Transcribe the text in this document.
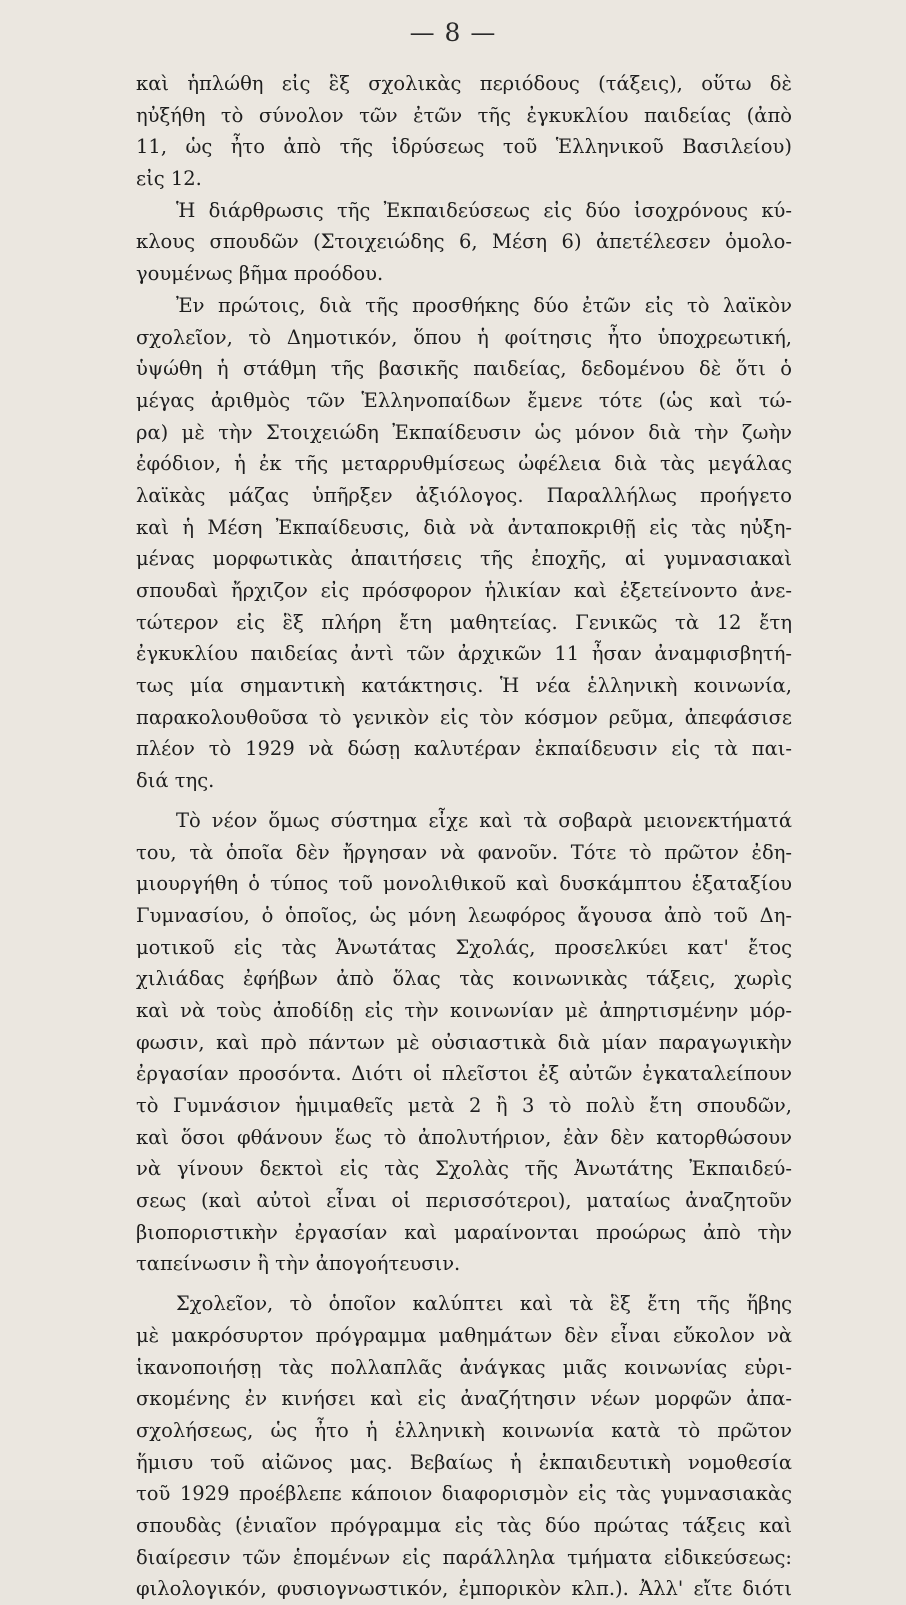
— 8 —
καὶ ἡπλώθη εἰς ἓξ σχολικὰς περιόδους (τάξεις), οὕτω δὲ
ηὐξήθη τὸ σύνολον τῶν ἐτῶν τῆς ἐγκυκλίου παιδείας (ἀπὸ
11, ὡς ἦτο ἀπὸ τῆς ἱδρύσεως τοῦ Ἑλληνικοῦ Βασιλείου)
εἰς 12.
Ἡ διάρθρωσις τῆς Ἐκπαιδεύσεως εἰς δύο ἰσοχρόνους κύ-
κλους σπουδῶν (Στοιχειώδης 6, Μέση 6) ἀπετέλεσεν ὁμολο-
γουμένως βῆμα προόδου.
Ἐν πρώτοις, διὰ τῆς προσθήκης δύο ἐτῶν εἰς τὸ λαϊκὸν
σχολεῖον, τὸ Δημοτικόν, ὅπου ἡ φοίτησις ἦτο ὑποχρεωτική,
ὑψώθη ἡ στάθμη τῆς βασικῆς παιδείας, δεδομένου δὲ ὅτι ὁ
μέγας ἀριθμὸς τῶν Ἑλληνοπαίδων ἔμενε τότε (ὡς καὶ τώ-
ρα) μὲ τὴν Στοιχειώδη Ἐκπαίδευσιν ὡς μόνον διὰ τὴν ζωὴν
ἐφόδιον, ἡ ἐκ τῆς μεταρρυθμίσεως ὠφέλεια διὰ τὰς μεγάλας
λαϊκὰς μάζας ὑπῆρξεν ἀξιόλογος. Παραλλήλως προήγετο
καὶ ἡ Μέση Ἐκπαίδευσις, διὰ νὰ ἀνταποκριθῇ εἰς τὰς ηὐξη-
μένας μορφωτικὰς ἀπαιτήσεις τῆς ἐποχῆς, αἱ γυμνασιακαὶ
σπουδαὶ ἤρχιζον εἰς πρόσφορον ἡλικίαν καὶ ἐξετείνοντο ἀνε-
τώτερον εἰς ἓξ πλήρη ἔτη μαθητείας. Γενικῶς τὰ 12 ἔτη
ἐγκυκλίου παιδείας ἀντὶ τῶν ἀρχικῶν 11 ἦσαν ἀναμφισβητή-
τως μία σημαντικὴ κατάκτησις. Ἡ νέα ἑλληνικὴ κοινωνία,
παρακολουθοῦσα τὸ γενικὸν εἰς τὸν κόσμον ρεῦμα, ἀπεφάσισε
πλέον τὸ 1929 νὰ δώσῃ καλυτέραν ἐκπαίδευσιν εἰς τὰ παι-
διά της.
Τὸ νέον ὅμως σύστημα εἶχε καὶ τὰ σοβαρὰ μειονεκτήματά
του, τὰ ὁποῖα δὲν ἤργησαν νὰ φανοῦν. Τότε τὸ πρῶτον ἐδη-
μιουργήθη ὁ τύπος τοῦ μονολιθικοῦ καὶ δυσκάμπτου ἑξαταξίου
Γυμνασίου, ὁ ὁποῖος, ὡς μόνη λεωφόρος ἄγουσα ἀπὸ τοῦ Δη-
μοτικοῦ εἰς τὰς Ἀνωτάτας Σχολάς, προσελκύει κατ' ἔτος
χιλιάδας ἐφήβων ἀπὸ ὅλας τὰς κοινωνικὰς τάξεις, χωρὶς
καὶ νὰ τοὺς ἀποδίδῃ εἰς τὴν κοινωνίαν μὲ ἀπηρτισμένην μόρ-
φωσιν, καὶ πρὸ πάντων μὲ οὐσιαστικὰ διὰ μίαν παραγωγικὴν
ἐργασίαν προσόντα. Διότι οἱ πλεῖστοι ἐξ αὐτῶν ἐγκαταλείπουν
τὸ Γυμνάσιον ἡμιμαθεῖς μετὰ 2 ἢ 3 τὸ πολὺ ἔτη σπουδῶν,
καὶ ὅσοι φθάνουν ἕως τὸ ἀπολυτήριον, ἐὰν δὲν κατορθώσουν
νὰ γίνουν δεκτοὶ εἰς τὰς Σχολὰς τῆς Ἀνωτάτης Ἐκπαιδεύ-
σεως (καὶ αὐτοὶ εἶναι οἱ περισσότεροι), ματαίως ἀναζητοῦν
βιοποριστικὴν ἐργασίαν καὶ μαραίνονται προώρως ἀπὸ τὴν
ταπείνωσιν ἢ τὴν ἀπογοήτευσιν.
Σχολεῖον, τὸ ὁποῖον καλύπτει καὶ τὰ ἓξ ἔτη τῆς ἥβης
μὲ μακρόσυρτον πρόγραμμα μαθημάτων δὲν εἶναι εὔκολον νὰ
ἱκανοποιήσῃ τὰς πολλαπλᾶς ἀνάγκας μιᾶς κοινωνίας εὑρι-
σκομένης ἐν κινήσει καὶ εἰς ἀναζήτησιν νέων μορφῶν ἀπα-
σχολήσεως, ὡς ἦτο ἡ ἑλληνικὴ κοινωνία κατὰ τὸ πρῶτον
ἥμισυ τοῦ αἰῶνος μας. Βεβαίως ἡ ἐκπαιδευτικὴ νομοθεσία
τοῦ 1929 προέβλεπε κάποιον διαφορισμὸν εἰς τὰς γυμνασιακὰς
σπουδὰς (ἑνιαῖον πρόγραμμα εἰς τὰς δύο πρώτας τάξεις καὶ
διαίρεσιν τῶν ἑπομένων εἰς παράλληλα τμήματα εἰδικεύσεως:
φιλολογικόν, φυσιογνωστικόν, ἐμπορικὸν κλπ.). Ἀλλ' εἴτε διότι
